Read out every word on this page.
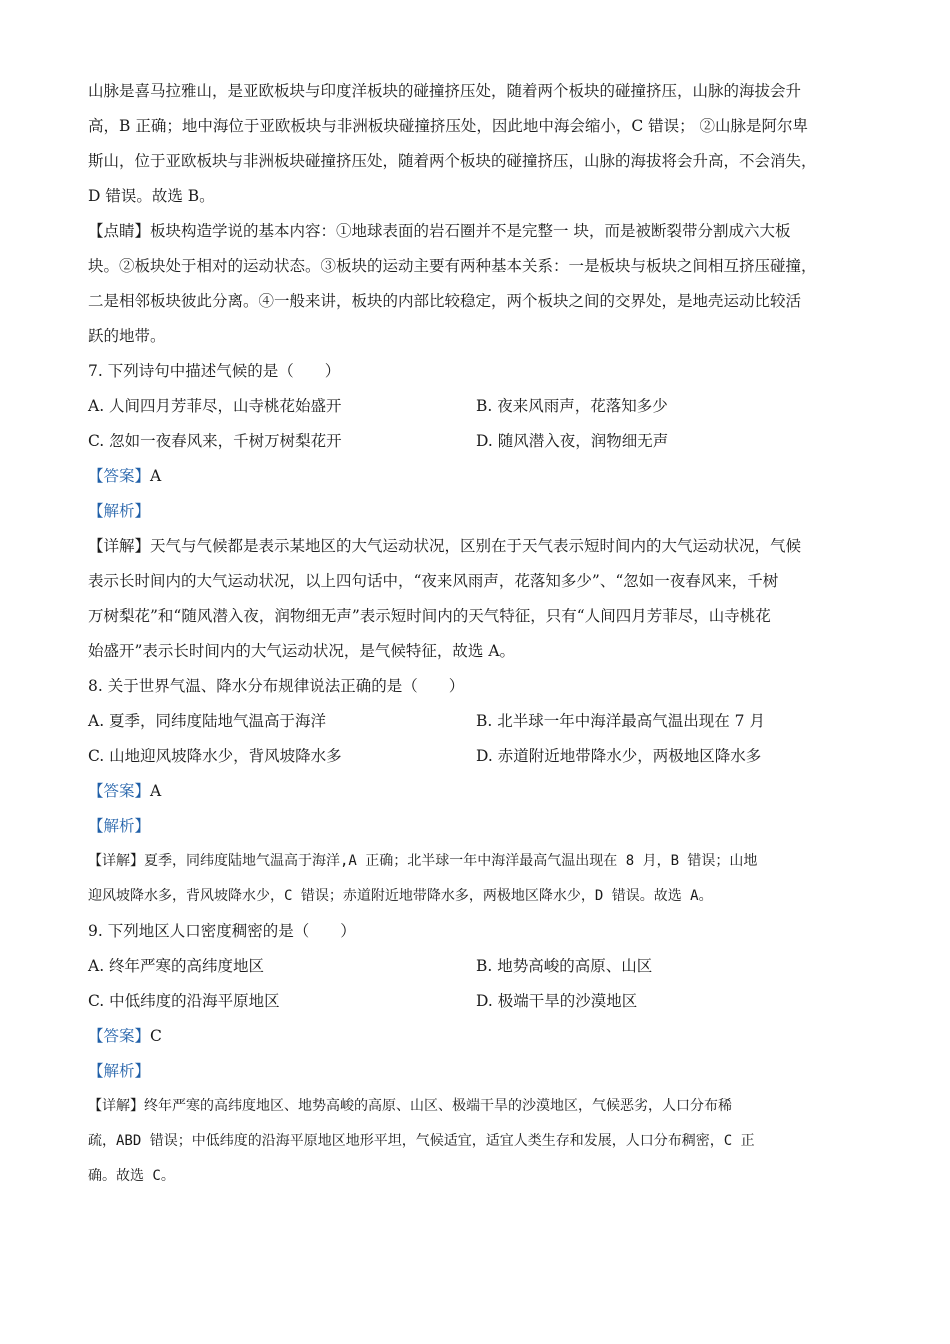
山脉是喜马拉雅山，是亚欧板块与印度洋板块的碰撞挤压处，随着两个板块的碰撞挤压，山脉的海拔会升
高，B 正确；地中海位于亚欧板块与非洲板块碰撞挤压处，因此地中海会缩小，C 错误； ②山脉是阿尔卑
斯山，位于亚欧板块与非洲板块碰撞挤压处，随着两个板块的碰撞挤压，山脉的海拔将会升高，不会消失，
D 错误。故选 B。
【点睛】板块构造学说的基本内容：①地球表面的岩石圈并不是完整一 块，而是被断裂带分割成六大板
块。②板块处于相对的运动状态。③板块的运动主要有两种基本关系：一是板块与板块之间相互挤压碰撞，
二是相邻板块彼此分离。④一般来讲，板块的内部比较稳定，两个板块之间的交界处，是地壳运动比较活
跃的地带。
7. 下列诗句中描述气候的是（　　）
A. 人间四月芳菲尽，山寺桃花始盛开	B. 夜来风雨声，花落知多少
C. 忽如一夜春风来，千树万树梨花开	D. 随风潜入夜，润物细无声
【答案】A
【解析】
【详解】天气与气候都是表示某地区的大气运动状况，区别在于天气表示短时间内的大气运动状况，气候
表示长时间内的大气运动状况，以上四句话中，“夜来风雨声，花落知多少”、“忽如一夜春风来，千树
万树梨花”和“随风潜入夜，润物细无声”表示短时间内的天气特征，只有“人间四月芳菲尽，山寺桃花
始盛开”表示长时间内的大气运动状况，是气候特征，故选 A。
8. 关于世界气温、降水分布规律说法正确的是（　　）
A. 夏季，同纬度陆地气温高于海洋	B. 北半球一年中海洋最高气温出现在 7 月
C. 山地迎风坡降水少，背风坡降水多	D. 赤道附近地带降水少，两极地区降水多
【答案】A
【解析】
【详解】夏季，同纬度陆地气温高于海洋,A 正确；北半球一年中海洋最高气温出现在 8 月，B 错误；山地
迎风坡降水多，背风坡降水少，C 错误；赤道附近地带降水多，两极地区降水少，D 错误。故选 A。
9. 下列地区人口密度稠密的是（　　）
A. 终年严寒的高纬度地区	B. 地势高峻的高原、山区
C. 中低纬度的沿海平原地区	D. 极端干旱的沙漠地区
【答案】C
【解析】
【详解】终年严寒的高纬度地区、地势高峻的高原、山区、极端干旱的沙漠地区，气候恶劣，人口分布稀
疏，ABD 错误；中低纬度的沿海平原地区地形平坦，气候适宜，适宜人类生存和发展，人口分布稠密，C 正
确。故选 C。
